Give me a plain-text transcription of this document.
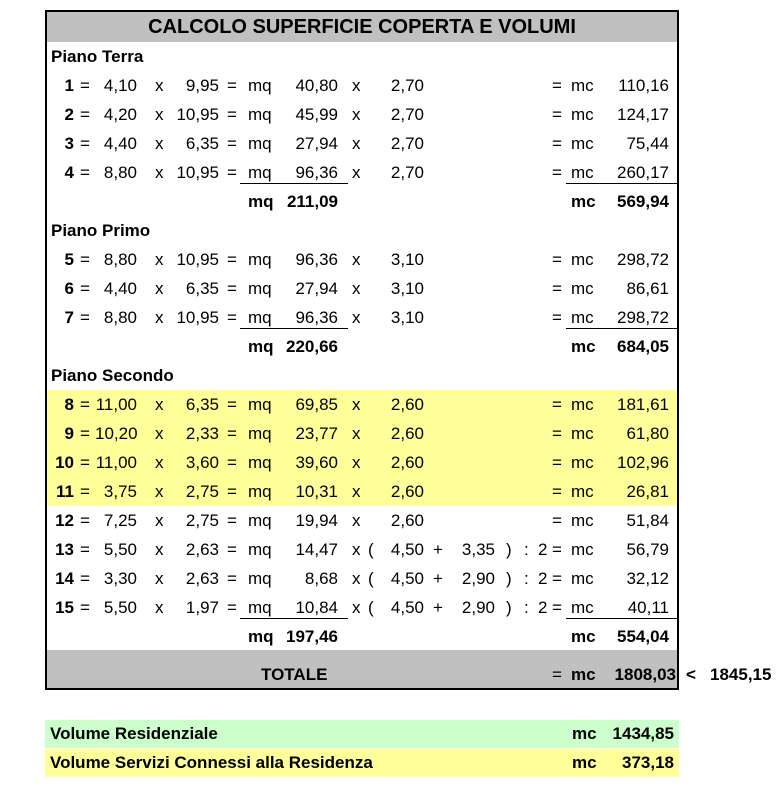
CALCOLO SUPERFICIE COPERTA E VOLUMI
Piano Terra
1 = 4,10 x	9,95 = mq	40,80 x	2,70	= mc	110,16
2 = 4,20 x 10,95 = mq	45,99 x	2,70	= mc	124,17
3 = 4,40 x	6,35 = mq	27,94 x	2,70	= mc	75,44
4 = 8,80 x 10,95 = mq	96,36 x	2,70	= mc	260,17
mq 211,09	mc	569,94
Piano Primo
5 = 8,80 x 10,95 = mq	96,36 x	3,10	= mc	298,72
6 = 4,40 x	6,35 = mq	27,94 x	3,10	= mc	86,61
7 = 8,80 x 10,95 = mq	96,36 x	3,10	= mc	298,72
mq 220,66	mc	684,05
Piano Secondo
8 = 11,00 x	6,35 = mq	69,85 x	2,60	= mc	181,61
9 = 10,20 x	2,33 = mq	23,77 x	2,60	= mc	61,80
10 = 11,00 x	3,60 = mq	39,60 x	2,60	= mc	102,96
11 = 3,75 x	2,75 = mq	10,31 x	2,60	= mc	26,81
12 = 7,25 x	2,75 = mq	19,94 x	2,60	= mc	51,84
13 = 5,50 x	2,63 = mq	14,47 x (	4,50 +	3,35 ) : 2 = mc	56,79
14 = 3,30 x	2,63 = mq	8,68 x (	4,50 +	2,90 ) : 2 = mc	32,12
15 = 5,50 x	1,97 = mq	10,84 x (	4,50 +	2,90 ) : 2 = mc	40,11
mq 197,46	mc	554,04
TOTALE	= mc	1808,03 < 1845,15
Volume Residenziale	mc 1434,85
Volume Servizi Connessi alla Residenza	mc	373,18
